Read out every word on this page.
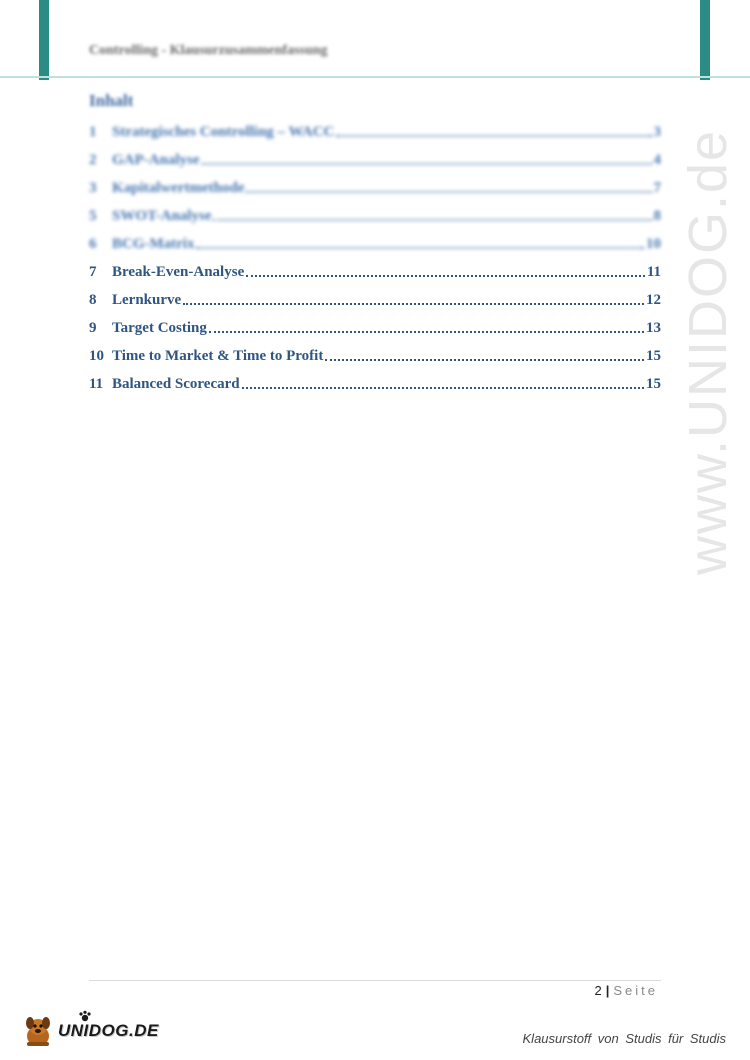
Controlling - Klausurzusammenfassung
Inhalt
1	Strategisches Controlling – WACC	3
2	GAP-Analyse	4
3	Kapitalwertmethode	7
5	SWOT-Analyse	8
6	BCG-Matrix	10
7	Break-Even-Analyse	11
8	Lernkurve	12
9	Target Costing	13
10 Time to Market & Time to Profit	15
11 Balanced Scorecard	15 www.UNIDOG.de
2 | Seite
UNIDOG.DE	Klausurstoff von Studis für Studis
